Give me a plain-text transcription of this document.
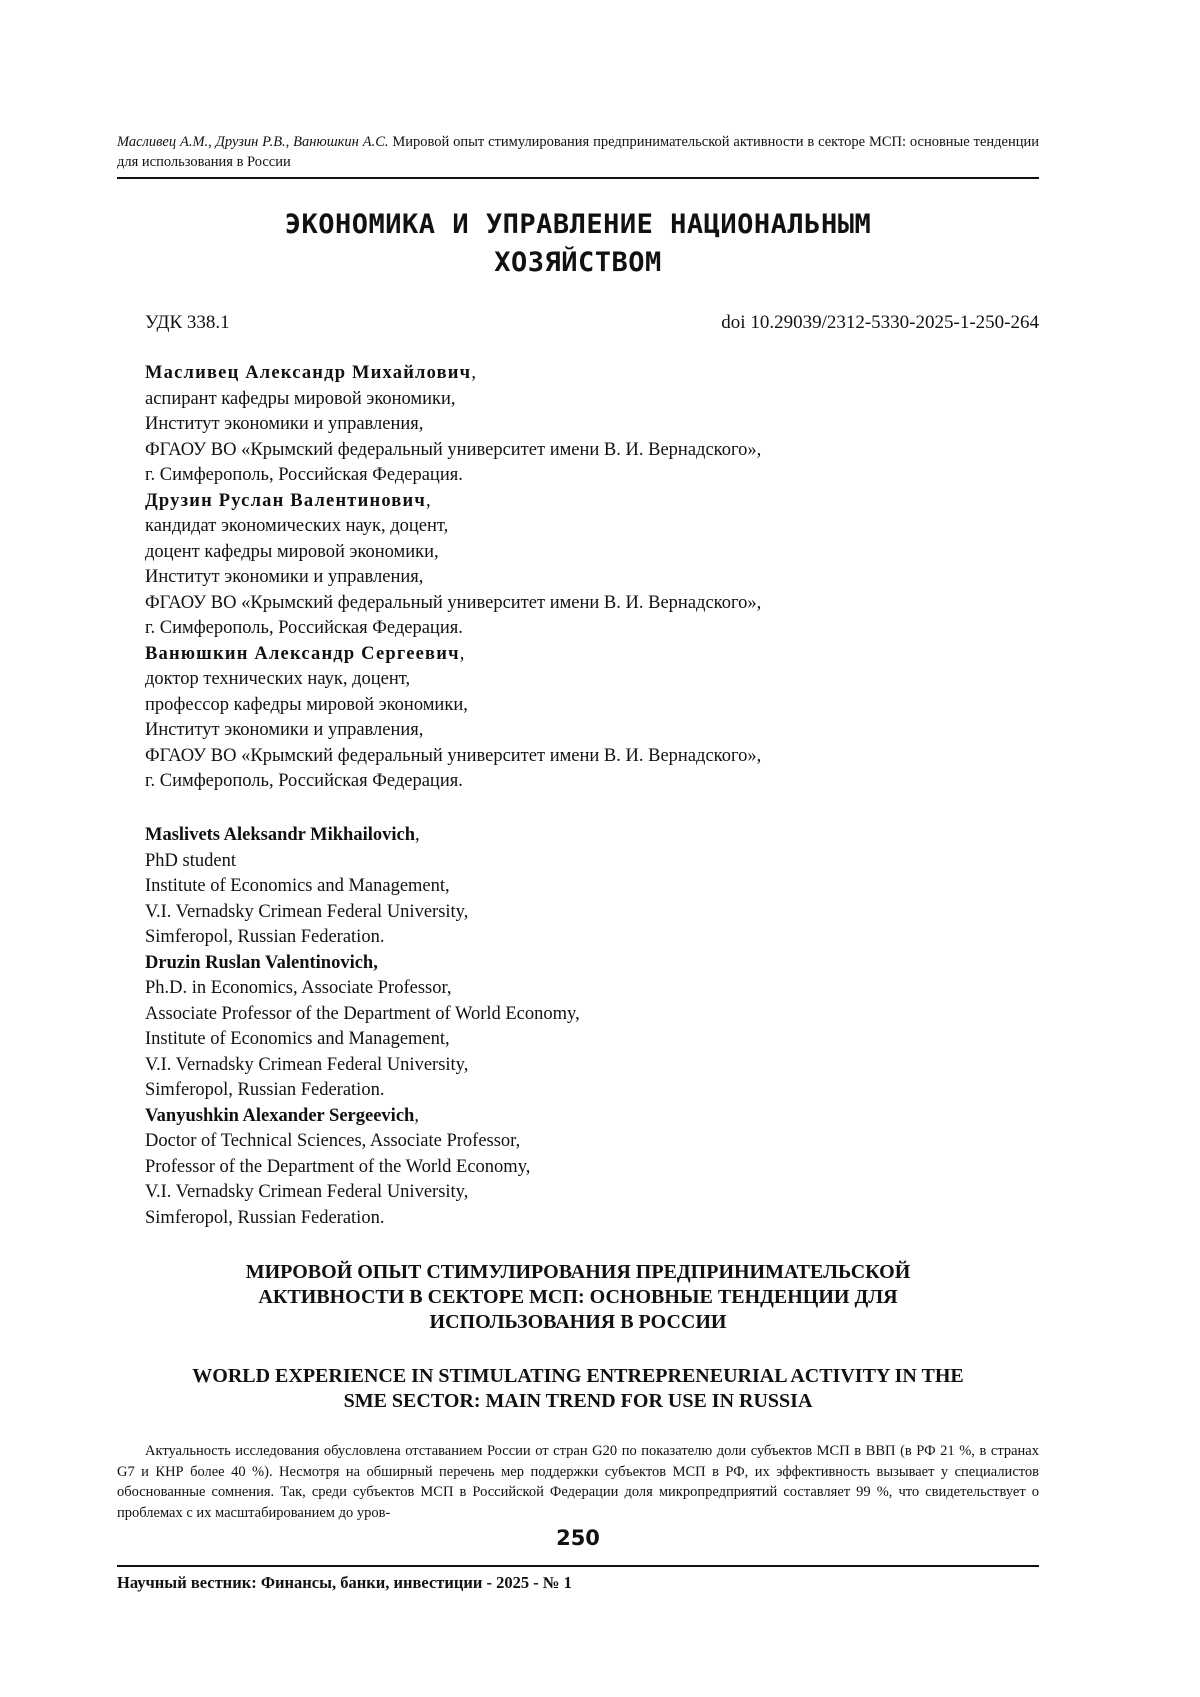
Масливец А.М., Друзин Р.В., Ванюшкин А.С. Мировой опыт стимулирования предпринимательской активности в секторе МСП: основные тенденции для использования в России
ЭКОНОМИКА И УПРАВЛЕНИЕ НАЦИОНАЛЬНЫМ
ХОЗЯЙСТВОМ
УДК 338.1	doi 10.29039/2312-5330-2025-1-250-264
Масливец Александр Михайлович,
аспирант кафедры мировой экономики,
Институт экономики и управления,
ФГАОУ ВО «Крымский федеральный университет имени В. И. Вернадского»,
г. Симферополь, Российская Федерация.
Друзин Руслан Валентинович,
кандидат экономических наук, доцент,
доцент кафедры мировой экономики,
Институт экономики и управления,
ФГАОУ ВО «Крымский федеральный университет имени В. И. Вернадского»,
г. Симферополь, Российская Федерация.
Ванюшкин Александр Сергеевич,
доктор технических наук, доцент,
профессор кафедры мировой экономики,
Институт экономики и управления,
ФГАОУ ВО «Крымский федеральный университет имени В. И. Вернадского»,
г. Симферополь, Российская Федерация.
Maslivets Aleksandr Mikhailovich,
PhD student
Institute of Economics and Management,
V.I. Vernadsky Crimean Federal University,
Simferopol, Russian Federation.
Druzin Ruslan Valentinovich,
Ph.D. in Economics, Associate Professor,
Associate Professor of the Department of World Economy,
Institute of Economics and Management,
V.I. Vernadsky Crimean Federal University,
Simferopol, Russian Federation.
Vanyushkin Alexander Sergeevich,
Doctor of Technical Sciences, Associate Professor,
Professor of the Department of the World Economy,
V.I. Vernadsky Crimean Federal University,
Simferopol, Russian Federation.
МИРОВОЙ ОПЫТ СТИМУЛИРОВАНИЯ ПРЕДПРИНИМАТЕЛЬСКОЙ
АКТИВНОСТИ В СЕКТОРЕ МСП: ОСНОВНЫЕ ТЕНДЕНЦИИ ДЛЯ
ИСПОЛЬЗОВАНИЯ В РОССИИ
WORLD EXPERIENCE IN STIMULATING ENTREPRENEURIAL ACTIVITY IN THE
SME SECTOR: MAIN TREND FOR USE IN RUSSIA

Актуальность исследования обусловлена отставанием России от стран G20 по показателю доли субъектов МСП в ВВП (в РФ 21 %, в странах G7 и КНР более 40 %). Несмотря на обширный перечень мер поддержки субъектов МСП в РФ, их эффективность вызывает у специалистов обоснованные сомнения. Так, среди субъектов МСП в Российской Федерации доля микропредприятий составляет 99 %, что свидетельствует о проблемах с их масштабированием до уров-

250
Научный вестник: Финансы, банки, инвестиции - 2025 - № 1
